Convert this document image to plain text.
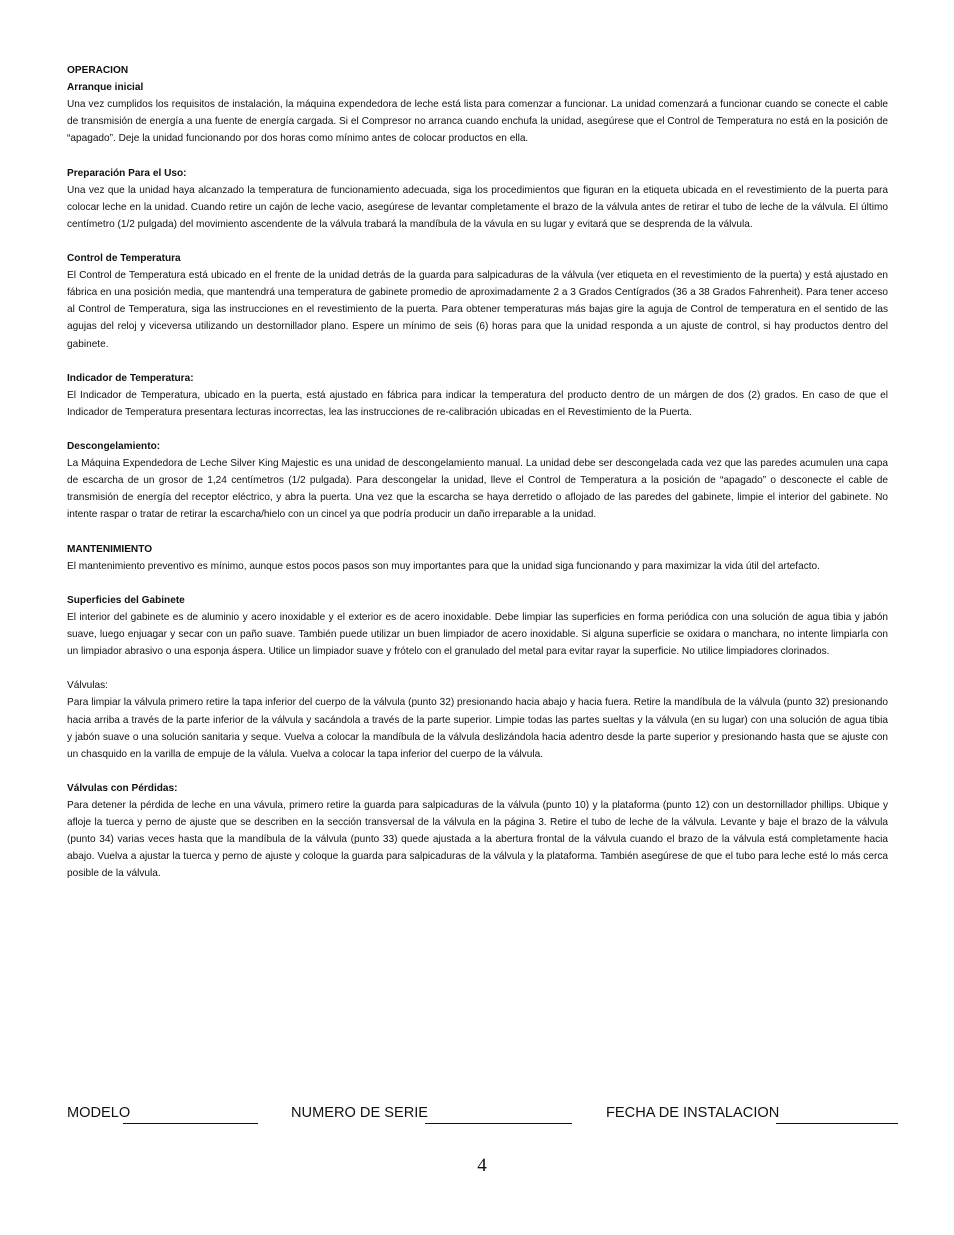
OPERACION
Arranque inicial
Una vez cumplidos los requisitos de instalación, la máquina expendedora de leche está lista para comenzar a funcionar. La unidad comenzará a funcionar cuando se conecte el cable de transmisión de energía a una fuente de energía cargada. Si el Compresor no arranca cuando enchufa la unidad, asegúrese que el Control de Temperatura no está en la posición de “apagado”. Deje la unidad funcionando por dos horas como mínimo antes de colocar productos en ella.
Preparación Para el Uso:
Una vez que la unidad haya alcanzado la temperatura de funcionamiento adecuada, siga los procedimientos que figuran en la etiqueta ubicada en el revestimiento de la puerta para colocar leche en la unidad. Cuando retire un cajón de leche vacio, asegúrese de levantar completamente el brazo de la válvula antes de retirar el tubo de leche de la válvula. El último centímetro (1/2 pulgada) del movimiento ascendente de la válvula trabará la mandíbula de la vávula en su lugar y evitará que se desprenda de la válvula.
Control de Temperatura
El Control de Temperatura está ubicado en el frente de la unidad detrás de la guarda para salpicaduras de la válvula (ver etiqueta en el revestimiento de la puerta) y está ajustado en fábrica en una posición media, que mantendrá una temperatura de gabinete promedio de aproximadamente 2 a 3 Grados Centígrados (36 a 38 Grados Fahrenheit). Para tener acceso al Control de Temperatura, siga las instrucciones en el revestimiento de la puerta. Para obtener temperaturas más bajas gire la aguja de Control de temperatura en el sentido de las agujas del reloj y viceversa utilizando un destornillador plano. Espere un mínimo de seis (6) horas para que la unidad responda a un ajuste de control, si hay productos dentro del gabinete.
Indicador de Temperatura:
El Indicador de Temperatura, ubicado en la puerta, está ajustado en fábrica para indicar la temperatura del producto dentro de un márgen de dos (2) grados. En caso de que el Indicador de Temperatura presentara lecturas incorrectas, lea las instrucciones de re-calibración ubicadas en el Revestimiento de la Puerta.
Descongelamiento:
La Máquina Expendedora de Leche Silver King Majestic es una unidad de descongelamiento manual. La unidad debe ser descongelada cada vez que las paredes acumulen una capa de escarcha de un grosor de 1,24 centímetros (1/2 pulgada). Para descongelar la unidad, lleve el Control de Temperatura a la posición de “apagado” o desconecte el cable de transmisión de energía del receptor eléctrico, y abra la puerta. Una vez que la escarcha se haya derretido o aflojado de las paredes del gabinete, limpie el interior del gabinete. No intente raspar o tratar de retirar la escarcha/hielo con un cincel ya que podría producir un daño irreparable a la unidad.
MANTENIMIENTO
El mantenimiento preventivo es mínimo, aunque estos pocos pasos son muy importantes para que la unidad siga funcionando y para maximizar la vida útil del artefacto.
Superficies del Gabinete
El interior del gabinete es de aluminio y acero inoxidable y el exterior es de acero inoxidable. Debe limpiar las superficies en forma periódica con una solución de agua tibia y jabón suave, luego enjuagar y secar con un paño suave. También puede utilizar un buen limpiador de acero inoxidable. Si alguna superficie se oxidara o manchara, no intente limpiarla con un limpiador abrasivo o una esponja áspera. Utilice un limpiador suave y frótelo con el granulado del metal para evitar rayar la superficie. No utilice limpiadores clorinados.
Válvulas:
Para limpiar la válvula primero retire la tapa inferior del cuerpo de la válvula (punto 32) presionando hacia abajo y hacia fuera. Retire la mandíbula de la válvula (punto 32) presionando hacia arriba a través de la parte inferior de la válvula y sacándola a través de la parte superior. Limpie todas las partes sueltas y la válvula (en su lugar) con una solución de agua tibia y jabón suave o una solución sanitaria y seque. Vuelva a colocar la mandíbula de la válvula deslizándola hacia adentro desde la parte superior y presionando hasta que se ajuste con un chasquido en la varilla de empuje de la válula. Vuelva a colocar la tapa inferior del cuerpo de la válvula.
Válvulas con Pérdidas:
Para detener la pérdida de leche en una vávula, primero retire la guarda para salpicaduras de la válvula (punto 10) y la plataforma (punto 12) con un destornillador phillips. Ubique y afloje la tuerca y perno de ajuste que se describen en la sección transversal de la válvula en la página 3. Retire el tubo de leche de la válvula. Levante y baje el brazo de la válvula (punto 34) varias veces hasta que la mandíbula de la válvula (punto 33) quede ajustada a la abertura frontal de la válvula cuando el brazo de la válvula está completamente hacia abajo. Vuelva a ajustar la tuerca y perno de ajuste y coloque la guarda para salpicaduras de la válvula y la plataforma. También asegúrese de que el tubo para leche esté lo más cerca posible de la válvula.
MODELO	NUMERO DE SERIE	FECHA DE INSTALACION
4
